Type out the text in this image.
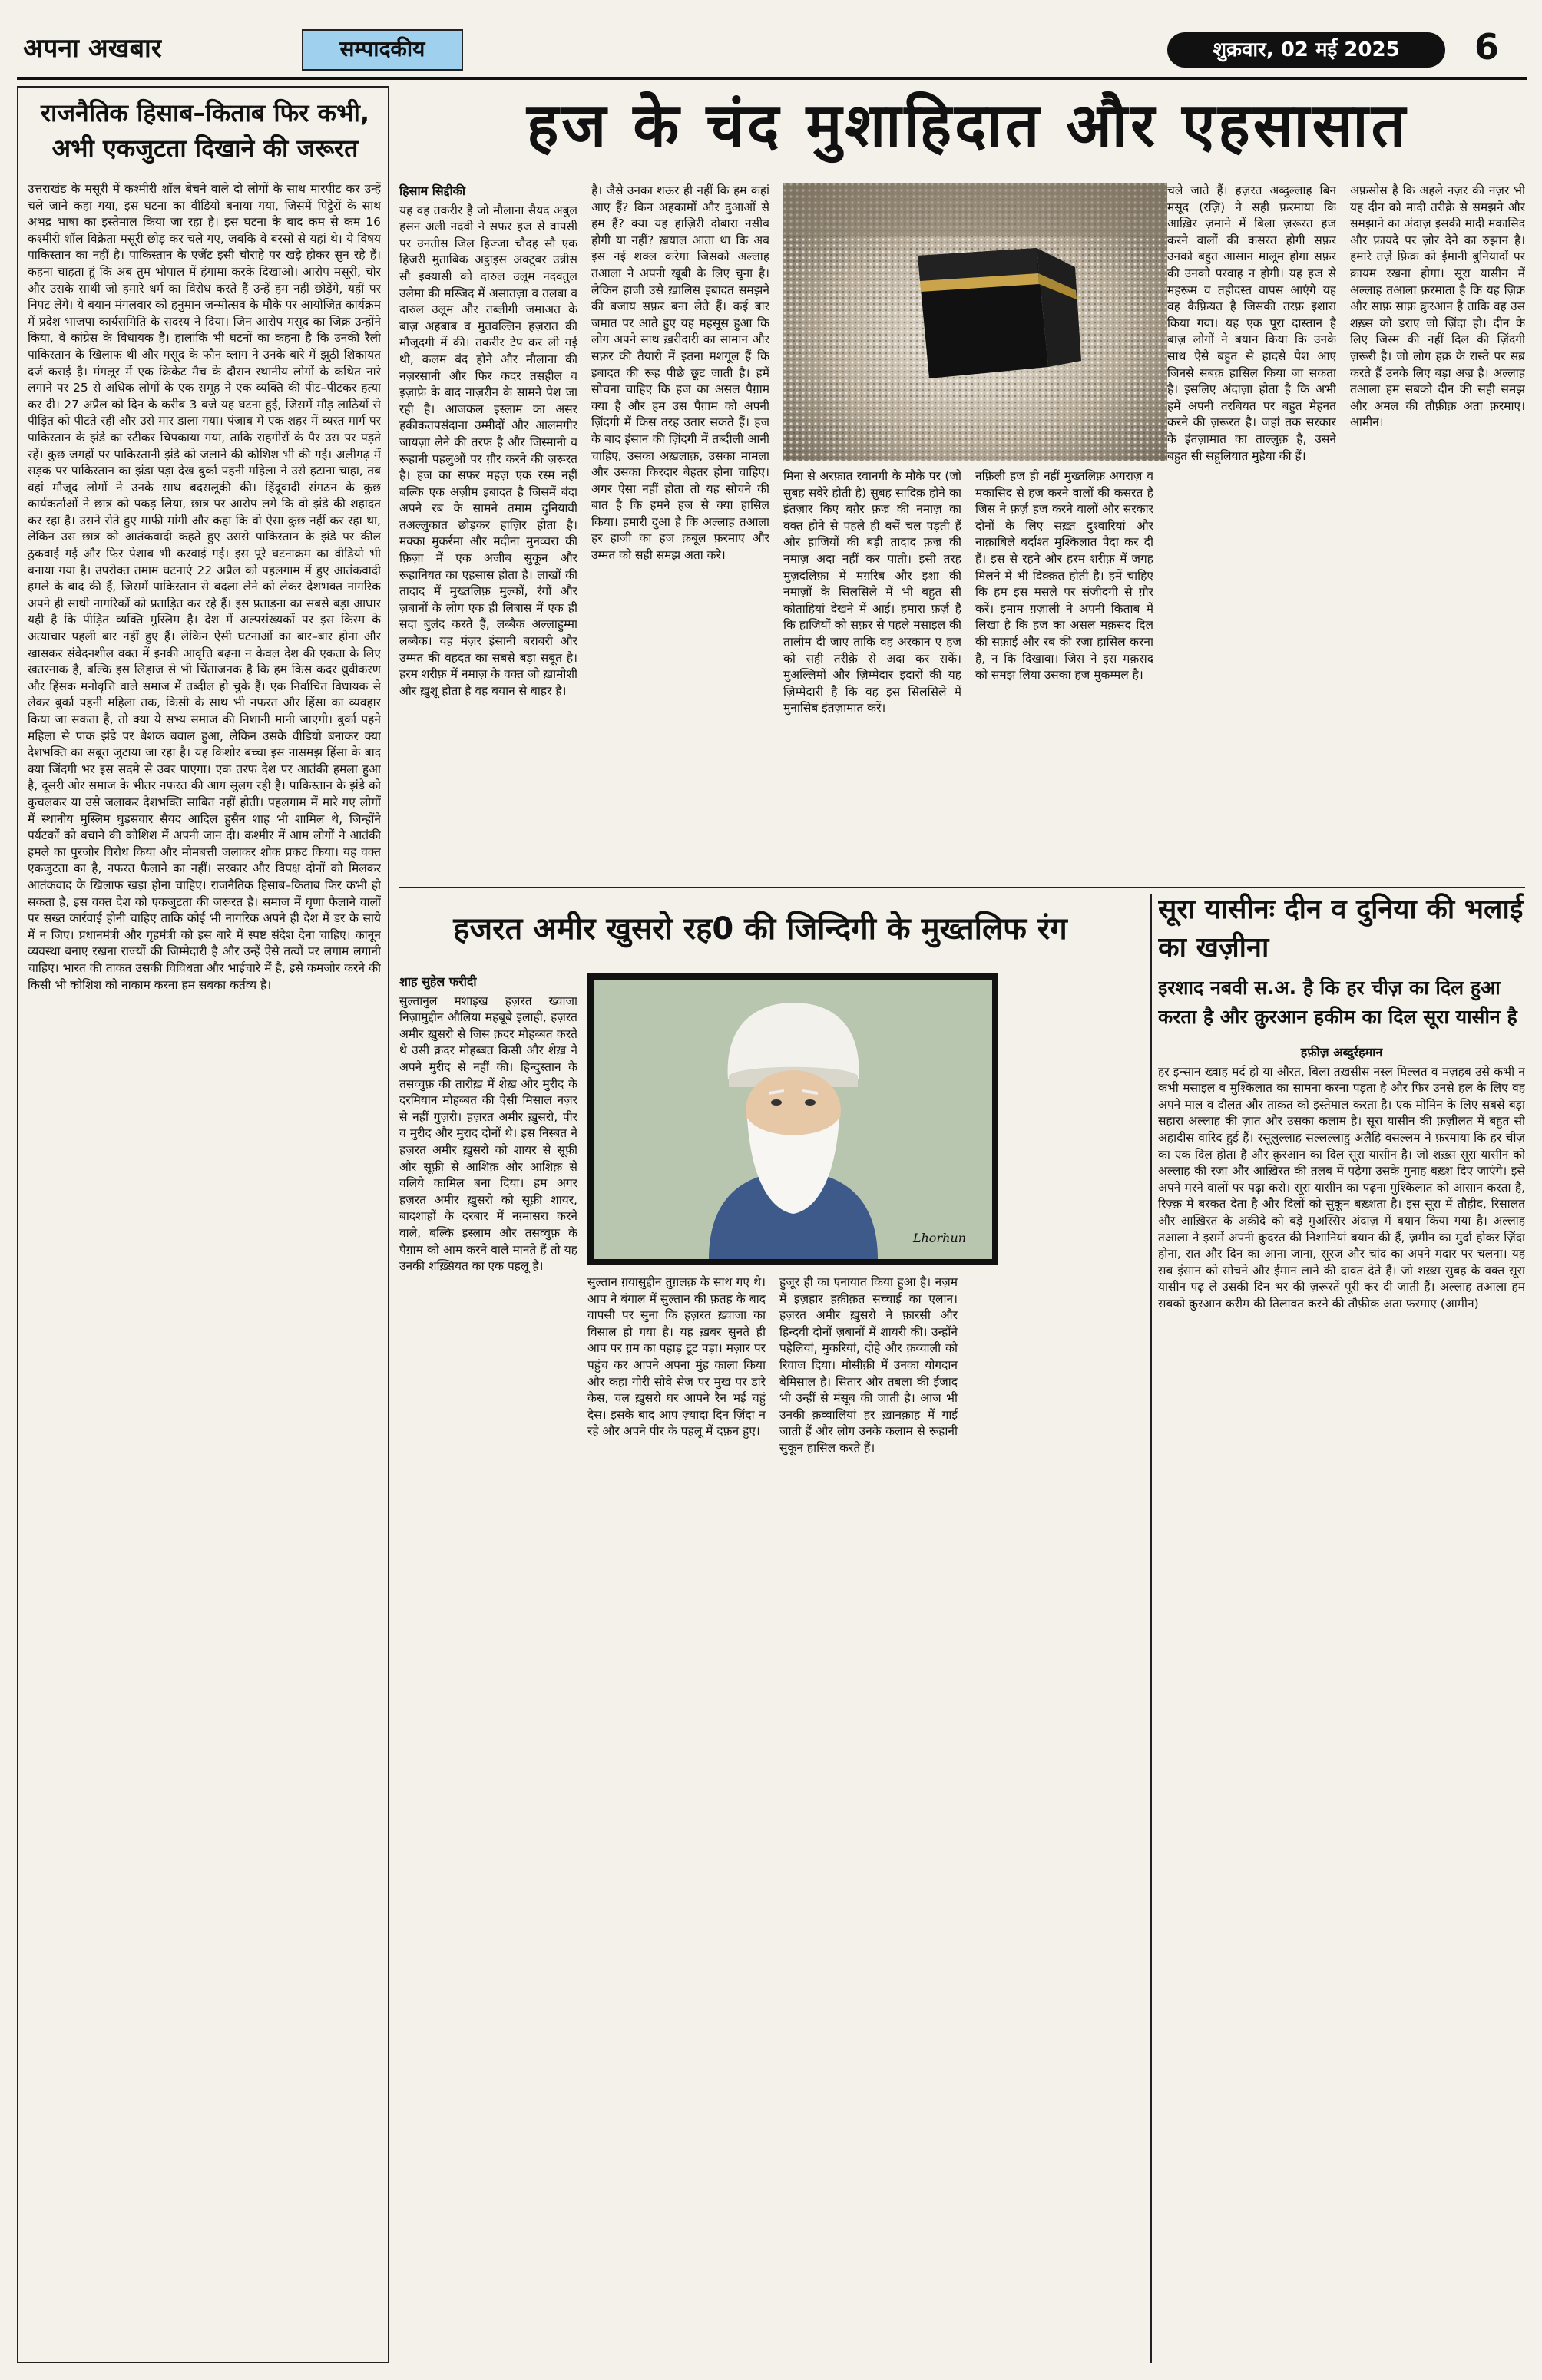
अपना अखबार	सम्पादकीय	शुक्रवार, 02 मई 2025	6
राजनैतिक हिसाब–किताब फिर कभी, अभी एकजुटता दिखाने की जरूरत
उत्तराखंड के मसूरी में कश्मीरी शॉल बेचने वाले दो लोगों के साथ मारपीट कर उन्हें चले जाने कहा गया, इस घटना का वीडियो बनाया गया, जिसमें पिट्ठेरों के साथ अभद्र भाषा का इस्तेमाल किया जा रहा है। इस घटना के बाद कम से कम 16 कश्मीरी शॉल विक्रेता मसूरी छोड़ कर चले गए, जबकि वे बरसों से यहां थे। ये विषय पाकिस्तान का नहीं है। पाकिस्तान के एजेंट इसी चौराहे पर खड़े होकर सुन रहे हैं। कहना चाहता हूं कि अब तुम भोपाल में हंगामा करके दिखाओ। आरोप मसूरी, चोर और उसके साथी जो हमारे धर्म का विरोध करते हैं उन्हें हम नहीं छोड़ेंगे, यहीं पर निपट लेंगे। ये बयान मंगलवार को हनुमान जन्मोत्सव के मौके पर आयोजित कार्यक्रम में प्रदेश भाजपा कार्यसमिति के सदस्य ने दिया। जिन आरोप मसूद का जिक्र उन्होंने किया, वे कांग्रेस के विधायक हैं। हालांकि भी घटनों का कहना है कि उनकी रैली पाकिस्तान के खिलाफ थी और मसूद के फौन व्लाग ने उनके बारे में झूठी शिकायत दर्ज कराई है। मंगलूर में एक क्रिकेट मैच के दौरान स्थानीय लोगों के कथित नारे लगाने पर 25 से अधिक लोगों के एक समूह ने एक व्यक्ति की पीट–पीटकर हत्या कर दी। 27 अप्रैल को दिन के करीब 3 बजे यह घटना हुई, जिसमें मौड़ लाठियों से पीड़ित को पीटते रही और उसे मार डाला गया। पंजाब में एक शहर में व्यस्त मार्ग पर पाकिस्तान के झंडे का स्टीकर चिपकाया गया, ताकि राहगीरों के पैर उस पर पड़ते रहें। कुछ जगहों पर पाकिस्तानी झंडे को जलाने की कोशिश भी की गई। अलीगढ़ में सड़क पर पाकिस्तान का झंडा पड़ा देख बुर्का पहनी महिला ने उसे हटाना चाहा, तब वहां मौजूद लोगों ने उनके साथ बदसलूकी की। हिंदूवादी संगठन के कुछ कार्यकर्ताओं ने छात्र को पकड़ लिया, छात्र पर आरोप लगे कि वो झंडे की शहादत कर रहा है। उसने रोते हुए माफी मांगी और कहा कि वो ऐसा कुछ नहीं कर रहा था, लेकिन उस छात्र को आतंकवादी कहते हुए उससे पाकिस्तान के झंडे पर कील ठुकवाई गई और फिर पेशाब भी करवाई गई। इस पूरे घटनाक्रम का वीडियो भी बनाया गया है। उपरोक्त तमाम घटनाएं 22 अप्रैल को पहलगाम में हुए आतंकवादी हमले के बाद की हैं, जिसमें पाकिस्तान से बदला लेने को लेकर देशभक्त नागरिक अपने ही साथी नागरिकों को प्रताड़ित कर रहे हैं। इस प्रताड़ना का सबसे बड़ा आधार यही है कि पीड़ित व्यक्ति मुस्लिम है। देश में अल्पसंख्यकों पर इस किस्म के अत्याचार पहली बार नहीं हुए हैं। लेकिन ऐसी घटनाओं का बार–बार होना और खासकर संवेदनशील वक्त में इनकी आवृत्ति बढ़ना न केवल देश की एकता के लिए खतरनाक है, बल्कि इस लिहाज से भी चिंताजनक है कि हम किस कदर ध्रुवीकरण और हिंसक मनोवृत्ति वाले समाज में तब्दील हो चुके हैं। एक निर्वाचित विधायक से लेकर बुर्का पहनी महिला तक, किसी के साथ भी नफरत और हिंसा का व्यवहार किया जा सकता है, तो क्या ये सभ्य समाज की निशानी मानी जाएगी। बुर्का पहने महिला से पाक झंडे पर बेशक बवाल हुआ, लेकिन उसके वीडियो बनाकर क्या देशभक्ति का सबूत जुटाया जा रहा है। यह किशोर बच्चा इस नासमझ हिंसा के बाद क्या जिंदगी भर इस सदमे से उबर पाएगा। एक तरफ देश पर आतंकी हमला हुआ है, दूसरी ओर समाज के भीतर नफरत की आग सुलग रही है। पाकिस्तान के झंडे को कुचलकर या उसे जलाकर देशभक्ति साबित नहीं होती। पहलगाम में मारे गए लोगों में स्थानीय मुस्लिम घुड़सवार सैयद आदिल हुसैन शाह भी शामिल थे, जिन्होंने पर्यटकों को बचाने की कोशिश में अपनी जान दी। कश्मीर में आम लोगों ने आतंकी हमले का पुरजोर विरोध किया और मोमबत्ती जलाकर शोक प्रकट किया। यह वक्त एकजुटता का है, नफरत फैलाने का नहीं। सरकार और विपक्ष दोनों को मिलकर आतंकवाद के खिलाफ खड़ा होना चाहिए। राजनैतिक हिसाब–किताब फिर कभी हो सकता है, इस वक्त देश को एकजुटता की जरूरत है। समाज में घृणा फैलाने वालों पर सख्त कार्रवाई होनी चाहिए ताकि कोई भी नागरिक अपने ही देश में डर के साये में न जिए। प्रधानमंत्री और गृहमंत्री को इस बारे में स्पष्ट संदेश देना चाहिए। कानून व्यवस्था बनाए रखना राज्यों की जिम्मेदारी है और उन्हें ऐसे तत्वों पर लगाम लगानी चाहिए। भारत की ताकत उसकी विविधता और भाईचारे में है, इसे कमजोर करने की किसी भी कोशिश को नाकाम करना हम सबका कर्तव्य है।
हज के चंद मुशाहिदात और एहसासात

हिसाम सिद्दीकी

यह वह तकरीर है जो मौलाना सैयद अबुल हसन अली नदवी ने सफर हज से वापसी पर उनतीस जिल हिज्जा चौदह सौ एक हिजरी मुताबिक अट्ठाइस अक्टूबर उन्नीस सौ इक्यासी को दारुल उलूम नदवतुल उलेमा की मस्जिद में असातज़ा व तलबा व दारुल उलूम और तब्लीगी जमाअत के बाज़ अहबाब व मुतवल्लिन हज़रात की मौजूदगी में की। तकरीर टेप कर ली गई थी, कलम बंद होने और मौलाना की नज़रसानी और फिर कदर तसहील व इज़ाफ़े के बाद नाज़रीन के सामने पेश जा रही है। आजकल इस्लाम का असर हकीकतपसंदाना उम्मीदों और आलमगीर जायज़ा लेने की तरफ है और जिस्मानी व रूहानी पहलुओं पर ग़ौर करने की ज़रूरत है। हज का सफर महज़ एक रस्म नहीं बल्कि एक अज़ीम इबादत है जिसमें बंदा अपने रब के सामने तमाम दुनियावी तअल्लुकात छोड़कर हाज़िर होता है। मक्का मुकर्रमा और मदीना मुनव्वरा की फ़िज़ा में एक अजीब सुकून और रूहानियत का एहसास होता है। लाखों की तादाद में मुख्तलिफ़ मुल्कों, रंगों और ज़बानों के लोग एक ही लिबास में एक ही सदा बुलंद करते हैं, लब्बैक अल्लाहुम्मा लब्बैक। यह मंज़र इंसानी बराबरी और उम्मत की वहदत का सबसे बड़ा सबूत है। हरम शरीफ़ में नमाज़ के वक्त जो ख़ामोशी और ख़ुशू होता है वह बयान से बाहर है।
है। जैसे उनका शऊर ही नहीं कि हम कहां आए हैं? किन अहकामों और दुआओं से हम हैं? क्या यह हाज़िरी दोबारा नसीब होगी या नहीं? ख़याल आता था कि अब इस नई शक्ल करेगा जिसको अल्लाह तआला ने अपनी खूबी के लिए चुना है। लेकिन हाजी उसे ख़ालिस इबादत समझने की बजाय सफ़र बना लेते हैं। कई बार जमात पर आते हुए यह महसूस हुआ कि लोग अपने साथ ख़रीदारी का सामान और सफ़र की तैयारी में इतना मशगूल हैं कि इबादत की रूह पीछे छूट जाती है। हमें सोचना चाहिए कि हज का असल पैग़ाम क्या है और हम उस पैग़ाम को अपनी ज़िंदगी में किस तरह उतार सकते हैं। हज के बाद इंसान की ज़िंदगी में तब्दीली आनी चाहिए, उसका अख़लाक़, उसका मामला और उसका किरदार बेहतर होना चाहिए। अगर ऐसा नहीं होता तो यह सोचने की बात है कि हमने हज से क्या हासिल किया। हमारी दुआ है कि अल्लाह तआला हर हाजी का हज क़बूल फ़रमाए और उम्मत को सही समझ अता करे।
मिना से अरफ़ात रवानगी के मौके पर (जो सुबह सवेरे होती है) सुबह सादिक़ होने का इंतज़ार किए बग़ैर फ़ज्र की नमाज़ का वक्त होने से पहले ही बसें चल पड़ती हैं और हाजियों की बड़ी तादाद फ़ज्र की नमाज़ अदा नहीं कर पाती। इसी तरह मुज़दलिफ़ा में मग़रिब और इशा की नमाज़ों के सिलसिले में भी बहुत सी कोताहियां देखने में आईं। हमारा फ़र्ज़ है कि हाजियों को सफ़र से पहले मसाइल की तालीम दी जाए ताकि वह अरकान ए हज को सही तरीक़े से अदा कर सकें। मुअल्लिमों और ज़िम्मेदार इदारों की यह ज़िम्मेदारी है कि वह इस सिलसिले में मुनासिब इंतज़ामात करें।
नफ़िली हज ही नहीं मुख्तलिफ़ अगराज़ व मकासिद से हज करने वालों की कसरत है जिस ने फ़र्ज़ हज करने वालों और सरकार दोनों के लिए सख़्त दुश्वारियां और नाक़ाबिले बर्दाश्त मुश्किलात पैदा कर दी हैं। इस से रहने और हरम शरीफ़ में जगह मिलने में भी दिक़्क़त होती है। हमें चाहिए कि हम इस मसले पर संजीदगी से ग़ौर करें। इमाम ग़ज़ाली ने अपनी किताब में लिखा है कि हज का असल मक़सद दिल की सफ़ाई और रब की रज़ा हासिल करना है, न कि दिखावा। जिस ने इस मक़सद को समझ लिया उसका हज मुकम्मल है।
चले जाते हैं। हज़रत अब्दुल्लाह बिन मसूद (रज़ि) ने सही फ़रमाया कि आख़िर ज़माने में बिला ज़रूरत हज करने वालों की कसरत होगी सफ़र उनको बहुत आसान मालूम होगा सफ़र की उनको परवाह न होगी। यह हज से महरूम व तहीदस्त वापस आएंगे यह वह कैफ़ियत है जिसकी तरफ़ इशारा किया गया। यह एक पूरा दास्तान है बाज़ लोगों ने बयान किया कि उनके साथ ऐसे बहुत से हादसे पेश आए जिनसे सबक़ हासिल किया जा सकता है। इसलिए अंदाज़ा होता है कि अभी हमें अपनी तरबियत पर बहुत मेहनत करने की ज़रूरत है। जहां तक सरकार के इंतज़ामात का ताल्लुक़ है, उसने बहुत सी सहूलियात मुहैया की हैं।
अफ़सोस है कि अहले नज़र की नज़र भी यह दीन को मादी तरीक़े से समझने और समझाने का अंदाज़ इसकी मादी मकासिद और फ़ायदे पर ज़ोर देने का रुझान है। हमारे तर्ज़े फ़िक्र को ईमानी बुनियादों पर क़ायम रखना होगा। सूरा यासीन में अल्लाह तआला फ़रमाता है कि यह ज़िक्र और साफ़ साफ़ क़ुरआन है ताकि वह उस शख़्स को डराए जो ज़िंदा हो। दीन के लिए जिस्म की नहीं दिल की ज़िंदगी ज़रूरी है। जो लोग हक़ के रास्ते पर सब्र करते हैं उनके लिए बड़ा अज्र है। अल्लाह तआला हम सबको दीन की सही समझ और अमल की तौफ़ीक़ अता फ़रमाए। आमीन।
हजरत अमीर खुसरो रह0 की जिन्दिगी के मुख्तलिफ रंग

शाह सुहेल फरीदी

सुल्तानुल मशाइख हज़रत ख्वाजा निज़ामुद्दीन औलिया महबूबे इलाही, हज़रत अमीर ख़ुसरो से जिस क़दर मोहब्बत करते थे उसी क़दर मोहब्बत किसी और शेख़ ने अपने मुरीद से नहीं की। हिन्दुस्तान के तसव्वुफ़ की तारीख़ में शेख़ और मुरीद के दरमियान मोहब्बत की ऐसी मिसाल नज़र से नहीं गुज़री। हज़रत अमीर ख़ुसरो, पीर व मुरीद और मुराद दोनों थे। इस निस्बत ने हज़रत अमीर ख़ुसरो को शायर से सूफ़ी और सूफ़ी से आशिक़ और आशिक़ से वलिये कामिल बना दिया। हम अगर हज़रत अमीर ख़ुसरो को सूफ़ी शायर, बादशाहों के दरबार में नग़्मासरा करने वाले, बल्कि इस्लाम और तसव्वुफ़ के पैग़ाम को आम करने वाले मानते हैं तो यह उनकी शख़्सियत का एक पहलू है।
Lhorhun
सुल्तान ग़यासुद्दीन तुग़लक़ के साथ गए थे। आप ने बंगाल में सुल्तान की फ़तह के बाद वापसी पर सुना कि हज़रत ख़्वाजा का विसाल हो गया है। यह ख़बर सुनते ही आप पर ग़म का पहाड़ टूट पड़ा। मज़ार पर पहुंच कर आपने अपना मुंह काला किया और कहा गोरी सोवे सेज पर मुख पर डारे केस, चल ख़ुसरो घर आपने रैन भई चहुं देस। इसके बाद आप ज़्यादा दिन ज़िंदा न रहे और अपने पीर के पहलू में दफ़न हुए।
हुजूर ही का एनायात किया हुआ है। नज़म में इज़हार हक़ीक़त सच्चाई का एलान। हज़रत अमीर ख़ुसरो ने फ़ारसी और हिन्दवी दोनों ज़बानों में शायरी की। उन्होंने पहेलियां, मुकरियां, दोहे और क़व्वाली को रिवाज दिया। मौसीक़ी में उनका योगदान बेमिसाल है। सितार और तबला की ईजाद भी उन्हीं से मंसूब की जाती है। आज भी उनकी क़व्वालियां हर ख़ानक़ाह में गाई जाती हैं और लोग उनके कलाम से रूहानी सुकून हासिल करते हैं।
सूरा यासीनः दीन व दुनिया की भलाई का खज़ीना
इरशाद नबवी स.अ. है कि हर चीज़ का दिल हुआ करता है और क़ुरआन हकीम का दिल सूरा यासीन है

हफ़ीज़ अब्दुर्रहमान

हर इन्सान ख्वाह मर्द हो या औरत, बिला तख़सीस नस्ल मिल्लत व मज़हब उसे कभी न कभी मसाइल व मुश्किलात का सामना करना पड़ता है और फिर उनसे हल के लिए वह अपने माल व दौलत और ताक़त को इस्तेमाल करता है। एक मोमिन के लिए सबसे बड़ा सहारा अल्लाह की ज़ात और उसका कलाम है। सूरा यासीन की फ़ज़ीलत में बहुत सी अहादीस वारिद हुई हैं। रसूलुल्लाह सल्लल्लाहु अलैहि वसल्लम ने फ़रमाया कि हर चीज़ का एक दिल होता है और क़ुरआन का दिल सूरा यासीन है। जो शख़्स सूरा यासीन को अल्लाह की रज़ा और आख़िरत की तलब में पढ़ेगा उसके गुनाह बख़्श दिए जाएंगे। इसे अपने मरने वालों पर पढ़ा करो। सूरा यासीन का पढ़ना मुश्किलात को आसान करता है, रिज़्क़ में बरकत देता है और दिलों को सुकून बख़्शता है। इस सूरा में तौहीद, रिसालत और आख़िरत के अक़ीदे को बड़े मुअस्सिर अंदाज़ में बयान किया गया है। अल्लाह तआला ने इसमें अपनी क़ुदरत की निशानियां बयान की हैं, ज़मीन का मुर्दा होकर ज़िंदा होना, रात और दिन का आना जाना, सूरज और चांद का अपने मदार पर चलना। यह सब इंसान को सोचने और ईमान लाने की दावत देते हैं। जो शख़्स सुबह के वक्त सूरा यासीन पढ़ ले उसकी दिन भर की ज़रूरतें पूरी कर दी जाती हैं। अल्लाह तआला हम सबको क़ुरआन करीम की तिलावत करने की तौफ़ीक़ अता फ़रमाए (आमीन)
